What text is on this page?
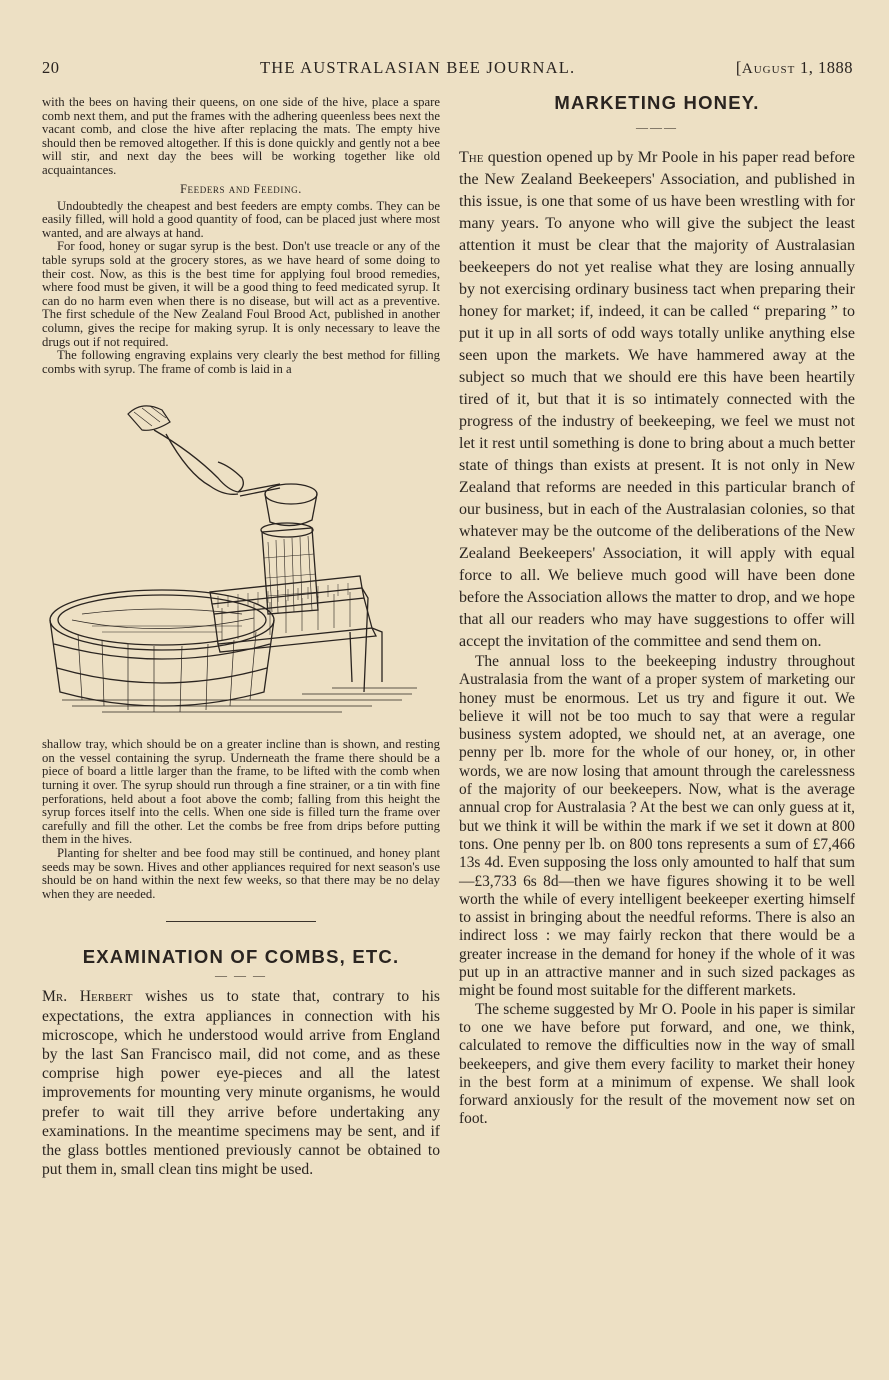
20	THE AUSTRALASIAN BEE JOURNAL.	[August 1, 1888

with the bees on having their queens, on one side of the hive, place a spare comb next them, and put the frames with the adhering queenless bees next the vacant comb, and close the hive after replacing the mats. The empty hive should then be removed altogether. If this is done quickly and gently not a bee will stir, and next day the bees will be working together like old acquaintances.

Feeders and Feeding.

Undoubtedly the cheapest and best feeders are empty combs. They can be easily filled, will hold a good quantity of food, can be placed just where most wanted, and are always at hand.

For food, honey or sugar syrup is the best. Don't use treacle or any of the table syrups sold at the grocery stores, as we have heard of some doing to their cost. Now, as this is the best time for applying foul brood remedies, where food must be given, it will be a good thing to feed medicated syrup. It can do no harm even when there is no disease, but will act as a preventive. The first schedule of the New Zealand Foul Brood Act, published in another column, gives the recipe for making syrup. It is only necessary to leave the drugs out if not required.

The following engraving explains very clearly the best method for filling combs with syrup. The frame of comb is laid in a

shallow tray, which should be on a greater incline than is shown, and resting on the vessel containing the syrup. Underneath the frame there should be a piece of board a little larger than the frame, to be lifted with the comb when turning it over. The syrup should run through a fine strainer, or a tin with fine perforations, held about a foot above the comb; falling from this height the syrup forces itself into the cells. When one side is filled turn the frame over carefully and fill the other. Let the combs be free from drips before putting them in the hives.

Planting for shelter and bee food may still be continued, and honey plant seeds may be sown. Hives and other appliances required for next season's use should be on hand within the next few weeks, so that there may be no delay when they are needed.

EXAMINATION OF COMBS, ETC.
— — —

Mr. Herbert wishes us to state that, contrary to his expectations, the extra appliances in connection with his microscope, which he understood would arrive from England by the last San Francisco mail, did not come, and as these comprise high power eye-pieces and all the latest improvements for mounting very minute organisms, he would prefer to wait till they arrive before undertaking any examinations. In the meantime specimens may be sent, and if the glass bottles mentioned previously cannot be obtained to put them in, small clean tins might be used.

MARKETING HONEY.
———

The question opened up by Mr Poole in his paper read before the New Zealand Beekeepers' Association, and published in this issue, is one that some of us have been wrestling with for many years. To anyone who will give the subject the least attention it must be clear that the majority of Australasian beekeepers do not yet realise what they are losing annually by not exercising ordinary business tact when preparing their honey for market; if, indeed, it can be called “ preparing ” to put it up in all sorts of odd ways totally unlike anything else seen upon the markets. We have hammered away at the subject so much that we should ere this have been heartily tired of it, but that it is so intimately connected with the progress of the industry of beekeeping, we feel we must not let it rest until something is done to bring about a much better state of things than exists at present. It is not only in New Zealand that reforms are needed in this particular branch of our business, but in each of the Australasian colonies, so that whatever may be the outcome of the deliberations of the New Zealand Beekeepers' Association, it will apply with equal force to all. We believe much good will have been done before the Association allows the matter to drop, and we hope that all our readers who may have suggestions to offer will accept the invitation of the committee and send them on.

The annual loss to the beekeeping industry throughout Australasia from the want of a proper system of marketing our honey must be enormous. Let us try and figure it out. We believe it will not be too much to say that were a regular business system adopted, we should net, at an average, one penny per lb. more for the whole of our honey, or, in other words, we are now losing that amount through the carelessness of the majority of our beekeepers. Now, what is the average annual crop for Australasia ? At the best we can only guess at it, but we think it will be within the mark if we set it down at 800 tons. One penny per lb. on 800 tons represents a sum of £7,466 13s 4d. Even supposing the loss only amounted to half that sum—£3,733 6s 8d—then we have figures showing it to be well worth the while of every intelligent beekeeper exerting himself to assist in bringing about the needful reforms. There is also an indirect loss : we may fairly reckon that there would be a greater increase in the demand for honey if the whole of it was put up in an attractive manner and in such sized packages as might be found most suitable for the different markets.

The scheme suggested by Mr O. Poole in his paper is similar to one we have before put forward, and one, we think, calculated to remove the difficulties now in the way of small beekeepers, and give them every facility to market their honey in the best form at a minimum of expense. We shall look forward anxiously for the result of the movement now set on foot.
